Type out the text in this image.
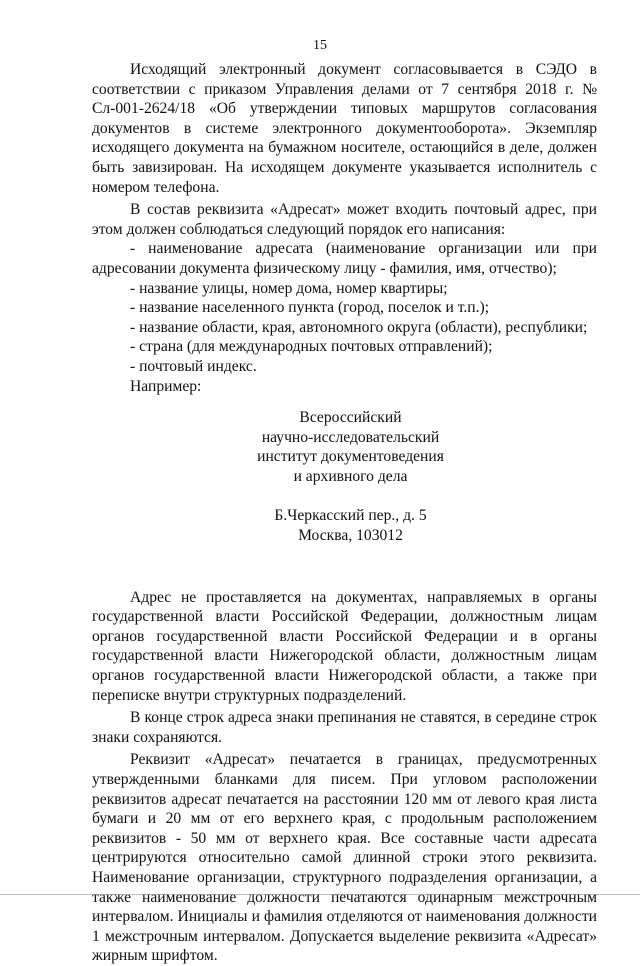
15

Исходящий электронный документ согласовывается в СЭДО в соответствии с приказом Управления делами от 7 сентября 2018 г. № Сл-001-2624/18 «Об утверждении типовых маршрутов согласования документов в системе электронного документооборота». Экземпляр исходящего документа на бумажном носителе, остающийся в деле, должен быть завизирован. На исходящем документе указывается исполнитель с номером телефона.

В состав реквизита «Адресат» может входить почтовый адрес, при этом должен соблюдаться следующий порядок его написания:

- наименование адресата (наименование организации или при адресовании документа физическому лицу - фамилия, имя, отчество);

- название улицы, номер дома, номер квартиры;

- название населенного пункта (город, поселок и т.п.);

- название области, края, автономного округа (области), республики;

- страна (для международных почтовых отправлений);

- почтовый индекс.

Например:

Всероссийский
научно-исследовательский
институт документоведения
и архивного дела
Б.Черкасский пер., д. 5
Москва, 103012

Адрес не проставляется на документах, направляемых в органы государственной власти Российской Федерации, должностным лицам органов государственной власти Российской Федерации и в органы государственной власти Нижегородской области, должностным лицам органов государственной власти Нижегородской области, а также при переписке внутри структурных подразделений.

В конце строк адреса знаки препинания не ставятся, в середине строк знаки сохраняются.

Реквизит «Адресат» печатается в границах, предусмотренных утвержденными бланками для писем. При угловом расположении реквизитов адресат печатается на расстоянии 120 мм от левого края листа бумаги и 20 мм от его верхнего края, с продольным расположением реквизитов - 50 мм от верхнего края. Все составные части адресата центрируются относительно самой длинной строки этого реквизита. Наименование организации, структурного подразделения организации, а также наименование должности печатаются одинарным межстрочным интервалом. Инициалы и фамилия отделяются от наименования должности 1 межстрочным интервалом. Допускается выделение реквизита «Адресат» жирным шрифтом.
